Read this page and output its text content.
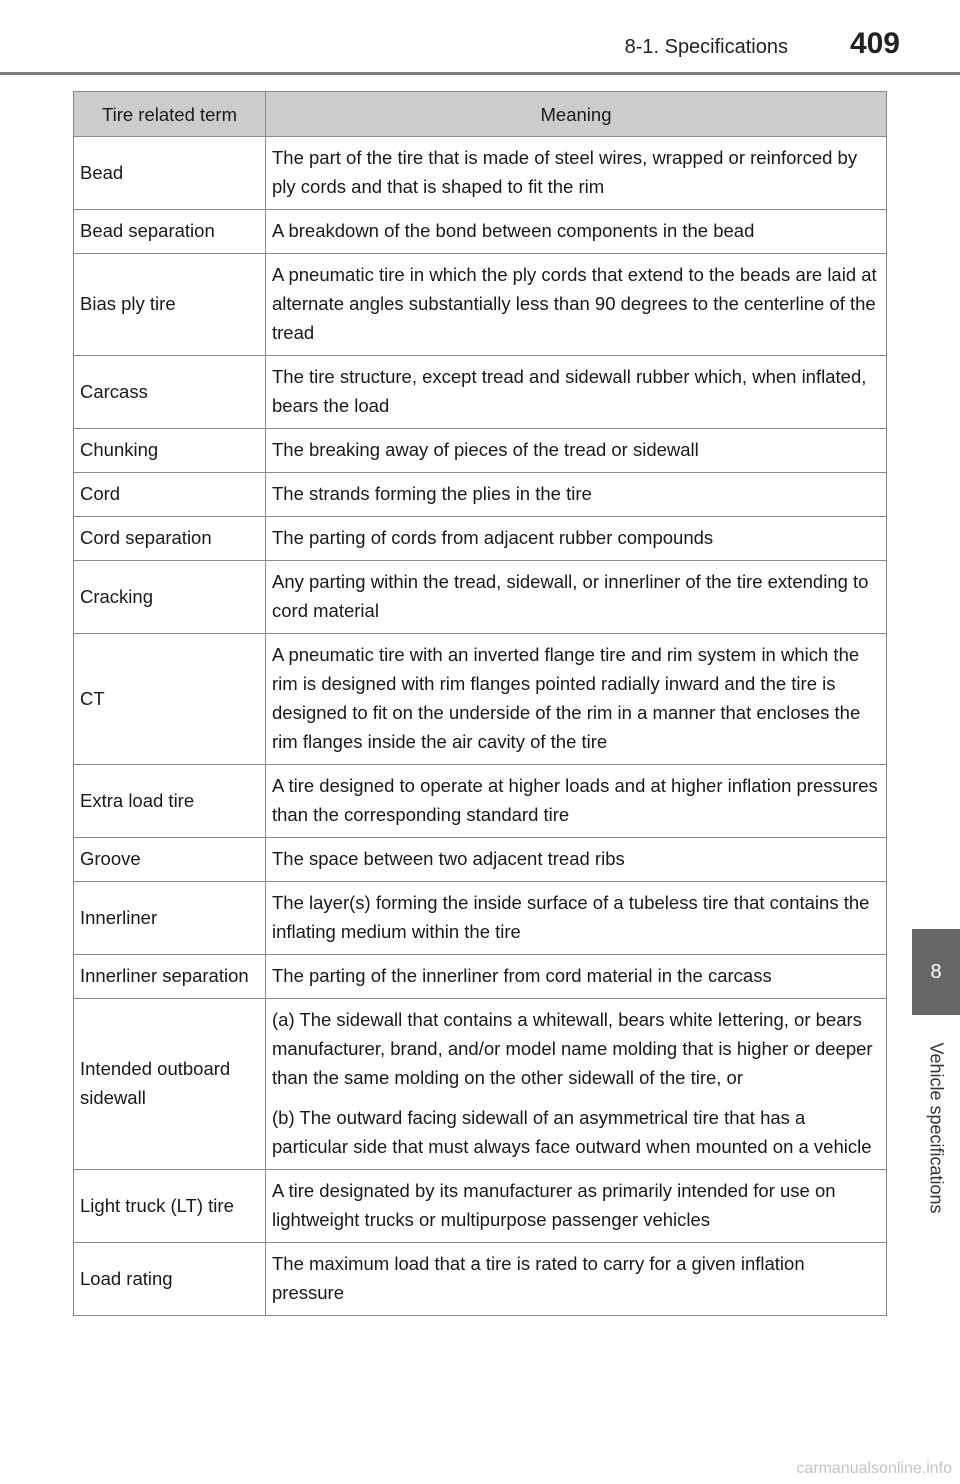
8-1. Specifications 409
8
Vehicle specifications
Tire related term	Meaning
Bead	The part of the tire that is made of steel wires, wrapped or reinforced by ply cords and that is shaped to fit the rim

Bead separation	A breakdown of the bond between components in the bead

Bias ply tire	A pneumatic tire in which the ply cords that extend to the beads are laid at alternate angles substantially less than 90 degrees to the centerline of the tread

Carcass	The tire structure, except tread and sidewall rubber which, when inflated, bears the load

Chunking	The breaking away of pieces of the tread or sidewall

Cord	The strands forming the plies in the tire

Cord separation	The parting of cords from adjacent rubber compounds

Cracking	Any parting within the tread, sidewall, or innerliner of the tire extending to cord material

CT	A pneumatic tire with an inverted flange tire and rim system in which the rim is designed with rim flanges pointed radially inward and the tire is designed to fit on the underside of the rim in a manner that encloses the rim flanges inside the air cavity of the tire

Extra load tire	A tire designed to operate at higher loads and at higher inflation pressures than the corresponding standard tire

Groove	The space between two adjacent tread ribs

Innerliner	The layer(s) forming the inside surface of a tubeless tire that contains the inflating medium within the tire

Innerliner separation	The parting of the innerliner from cord material in the carcass

Intended outboard sidewall	(a) The sidewall that contains a whitewall, bears white lettering, or bears manufacturer, brand, and/or model name molding that is higher or deeper than the same molding on the other sidewall of the tire, or

(b) The outward facing sidewall of an asymmetrical tire that has a particular side that must always face outward when mounted on a vehicle

Light truck (LT) tire	A tire designated by its manufacturer as primarily intended for use on lightweight trucks or multipurpose passenger vehicles

Load rating	The maximum load that a tire is rated to carry for a given inflation pressure

carmanualsonline.info
